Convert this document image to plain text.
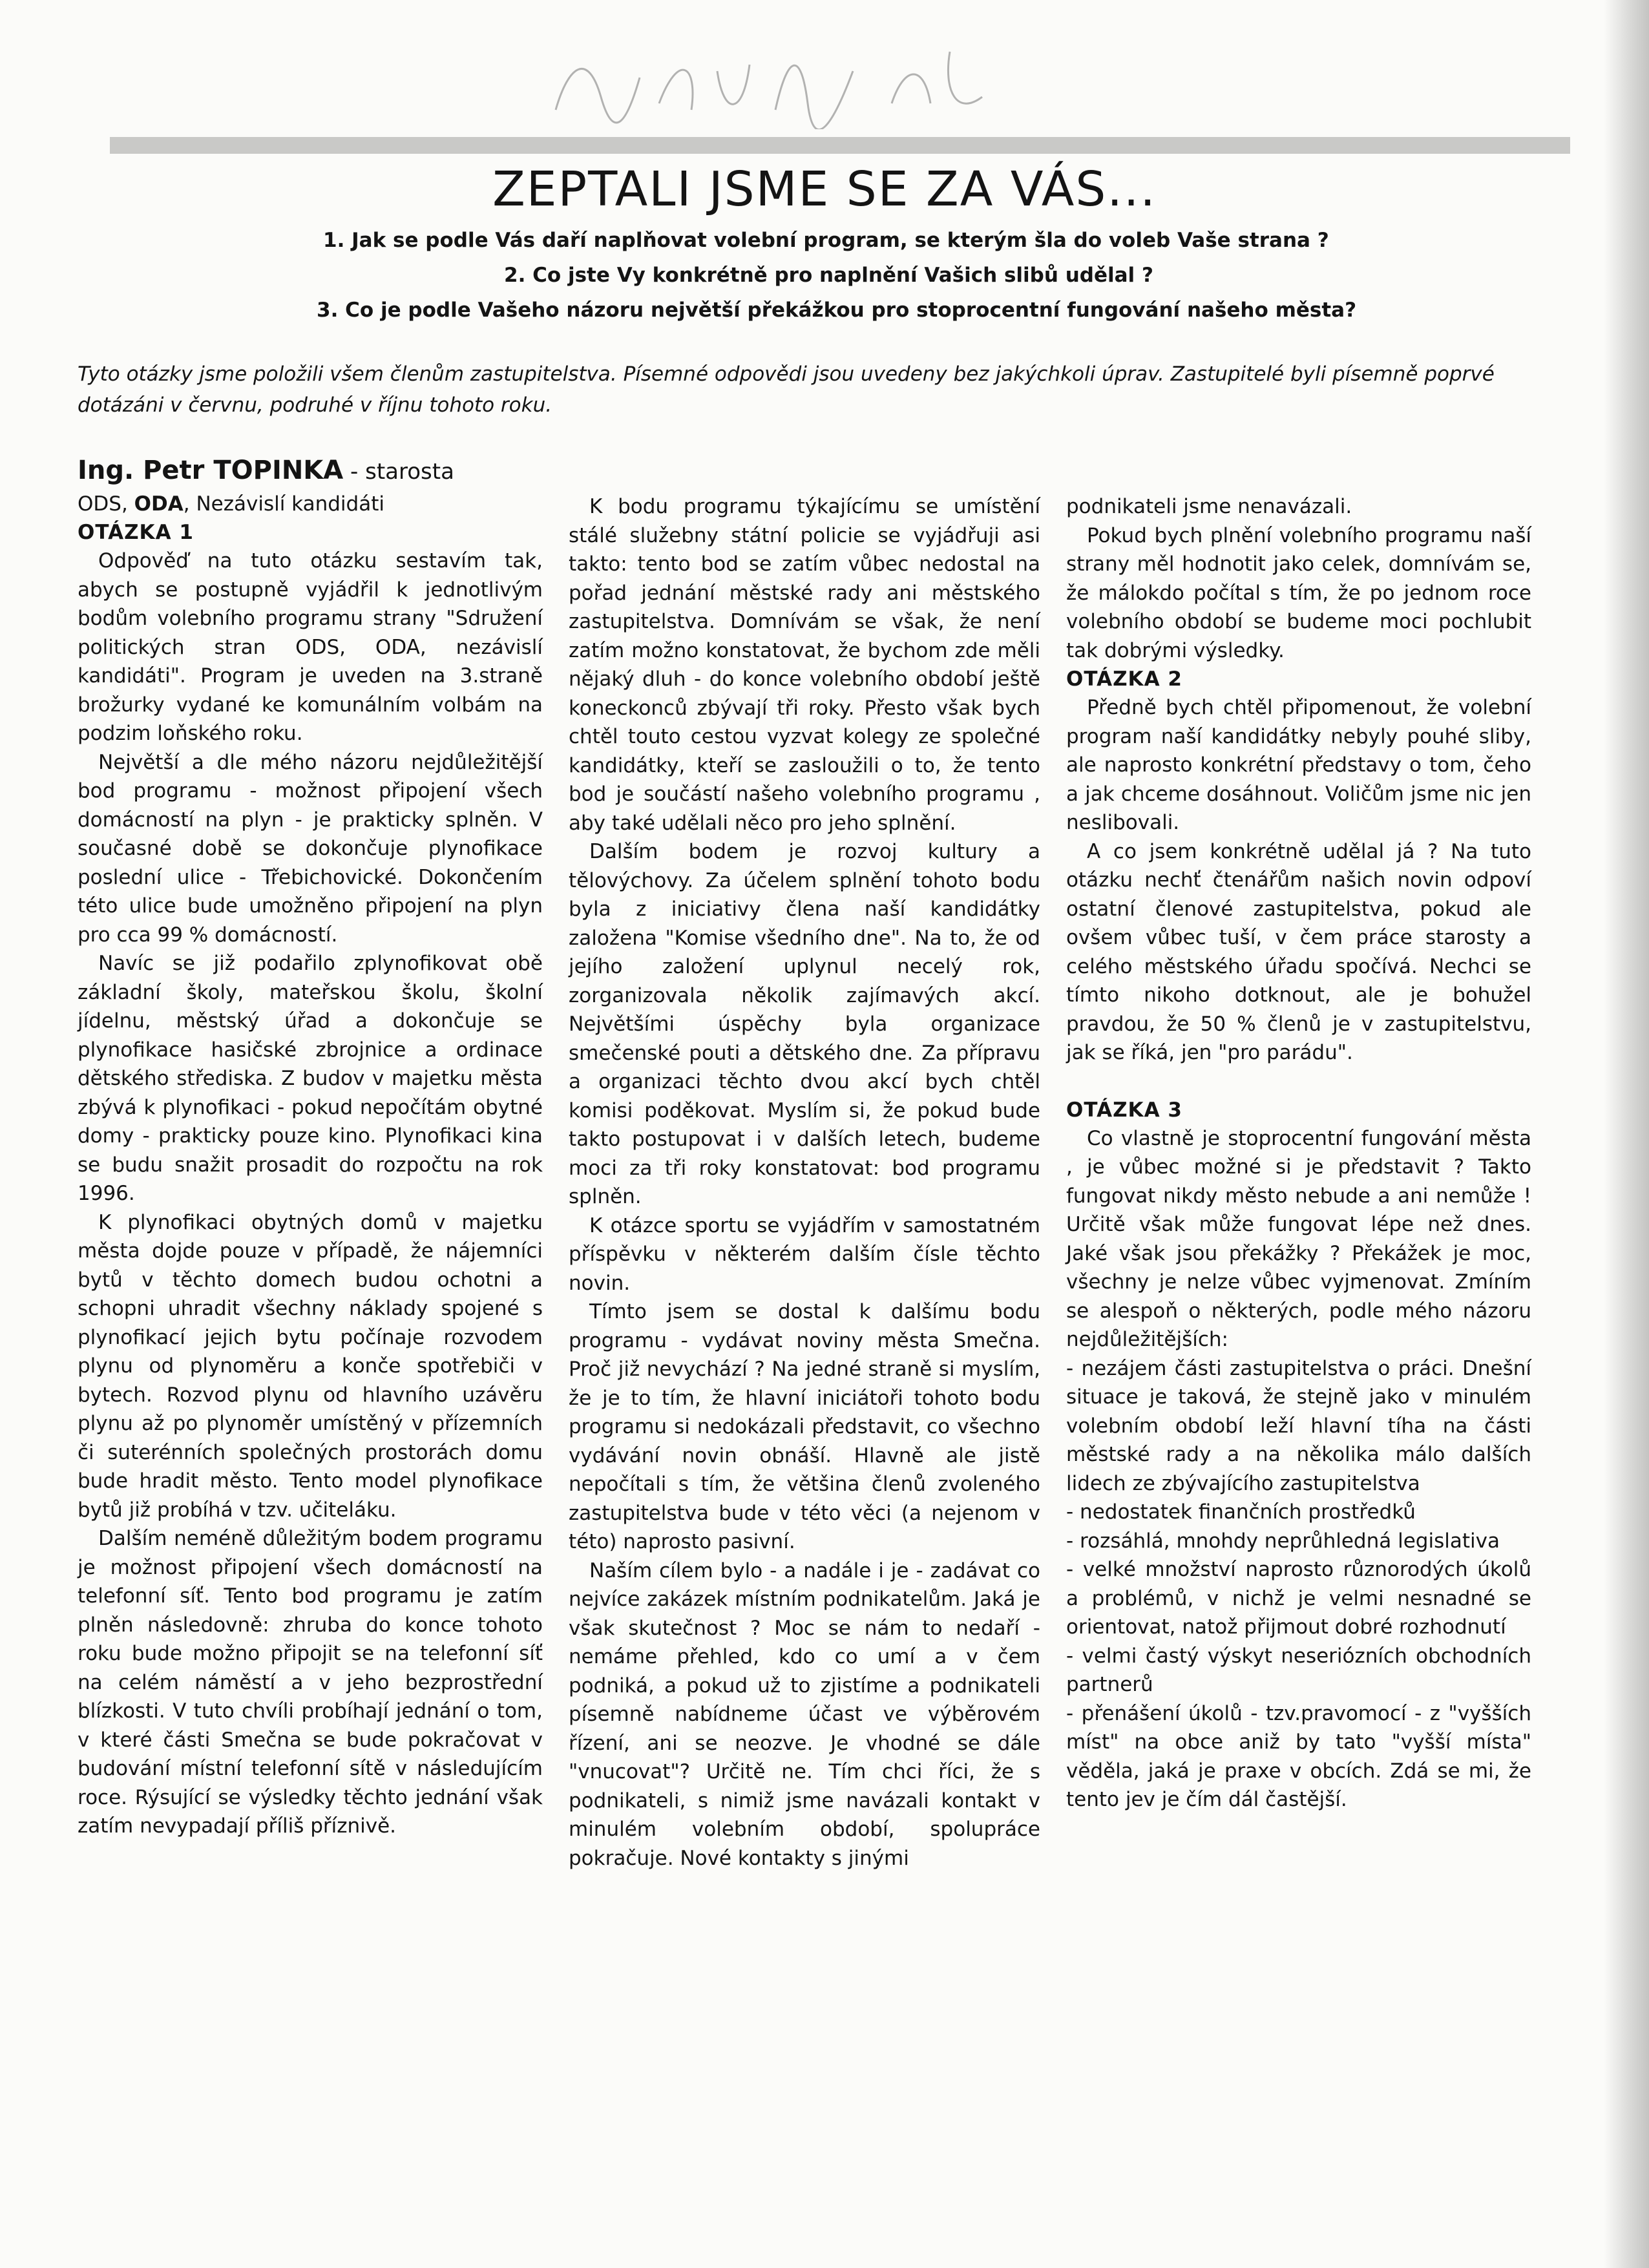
ZEPTALI JSME SE ZA VÁS...
1. Jak se podle Vás daří naplňovat volební program, se kterým šla do voleb Vaše strana ?
2. Co jste Vy konkrétně pro naplnění Vašich slibů udělal ?
3. Co je podle Vašeho názoru největší překážkou pro stoprocentní fungování našeho města?
Tyto otázky jsme položili všem členům zastupitelstva. Písemné odpovědi jsou uvedeny bez jakýchkoli úprav. Zastupitelé byli písemně poprvé dotázáni v červnu, podruhé v říjnu tohoto roku.
Ing. Petr TOPINKA - starosta
ODS, ODA, Nezávislí kandidáti
OTÁZKA 1

Odpověď na tuto otázku sestavím tak, abych se postupně vyjádřil k jednotlivým bodům volebního programu strany "Sdružení politických stran ODS, ODA, nezávislí kandidáti". Program je uveden na 3.straně brožurky vydané ke komunálním volbám na podzim loňského roku.

Největší a dle mého názoru nejdůležitější bod programu - možnost připojení všech domácností na plyn - je prakticky splněn. V současné době se dokončuje plynofikace poslední ulice - Třebichovické. Dokončením této ulice bude umožněno připojení na plyn pro cca 99 % domácností.

Navíc se již podařilo zplynofikovat obě základní školy, mateřskou školu, školní jídelnu, městský úřad a dokončuje se plynofikace hasičské zbrojnice a ordinace dětského střediska. Z budov v majetku města zbývá k plynofikaci - pokud nepočítám obytné domy - prakticky pouze kino. Plynofikaci kina se budu snažit prosadit do rozpočtu na rok 1996.

K plynofikaci obytných domů v majetku města dojde pouze v případě, že nájemníci bytů v těchto domech budou ochotni a schopni uhradit všechny náklady spojené s plynofikací jejich bytu počínaje rozvodem plynu od plynoměru a konče spotřebiči v bytech. Rozvod plynu od hlavního uzávěru plynu až po plynoměr umístěný v přízemních či suterénních společných prostorách domu bude hradit město. Tento model plynofikace bytů již probíhá v tzv. učiteláku.

Dalším neméně důležitým bodem programu je možnost připojení všech domácností na telefonní síť. Tento bod programu je zatím plněn následovně: zhruba do konce tohoto roku bude možno připojit se na telefonní síť na celém náměstí a v jeho bezprostřední blízkosti. V tuto chvíli probíhají jednání o tom, v které části Smečna se bude pokračovat v budování místní telefonní sítě v následujícím roce. Rýsující se výsledky těchto jednání však zatím nevypadají příliš příznivě.

K bodu programu týkajícímu se umístění stálé služebny státní policie se vyjádřuji asi takto: tento bod se zatím vůbec nedostal na pořad jednání městské rady ani městského zastupitelstva. Domnívám se však, že není zatím možno konstatovat, že bychom zde měli nějaký dluh - do konce volebního období ještě koneckonců zbývají tři roky. Přesto však bych chtěl touto cestou vyzvat kolegy ze společné kandidátky, kteří se zasloužili o to, že tento bod je součástí našeho volebního programu , aby také udělali něco pro jeho splnění.

Dalším bodem je rozvoj kultury a tělovýchovy. Za účelem splnění tohoto bodu byla z iniciativy člena naší kandidátky založena "Komise všedního dne". Na to, že od jejího založení uplynul necelý rok, zorganizovala několik zajímavých akcí. Největšími úspěchy byla organizace smečenské pouti a dětského dne. Za přípravu a organizaci těchto dvou akcí bych chtěl komisi poděkovat. Myslím si, že pokud bude takto postupovat i v dalších letech, budeme moci za tři roky konstatovat: bod programu splněn.

K otázce sportu se vyjádřím v samostatném příspěvku v některém dalším čísle těchto novin.

Tímto jsem se dostal k dalšímu bodu programu - vydávat noviny města Smečna. Proč již nevychází ? Na jedné straně si myslím, že je to tím, že hlavní iniciátoři tohoto bodu programu si nedokázali představit, co všechno vydávání novin obnáší. Hlavně ale jistě nepočítali s tím, že většina členů zvoleného zastupitelstva bude v této věci (a nejenom v této) naprosto pasivní.

Naším cílem bylo - a nadále i je - zadávat co nejvíce zakázek místním podnikatelům. Jaká je však skutečnost ? Moc se nám to nedaří - nemáme přehled, kdo co umí a v čem podniká, a pokud už to zjistíme a podnikateli písemně nabídneme účast ve výběrovém řízení, ani se neozve. Je vhodné se dále "vnucovat"? Určitě ne. Tím chci říci, že s podnikateli, s nimiž jsme navázali kontakt v minulém volebním období, spolupráce pokračuje. Nové kontakty s jinými

podnikateli jsme nenavázali.

Pokud bych plnění volebního programu naší strany měl hodnotit jako celek, domnívám se, že málokdo počítal s tím, že po jednom roce volebního období se budeme moci pochlubit tak dobrými výsledky.

OTÁZKA 2

Předně bych chtěl připomenout, že volební program naší kandidátky nebyly pouhé sliby, ale naprosto konkrétní představy o tom, čeho a jak chceme dosáhnout. Voličům jsme nic jen neslibovali.

A co jsem konkrétně udělal já ? Na tuto otázku nechť čtenářům našich novin odpoví ostatní členové zastupitelstva, pokud ale ovšem vůbec tuší, v čem práce starosty a celého městského úřadu spočívá. Nechci se tímto nikoho dotknout, ale je bohužel pravdou, že 50 % členů je v zastupitelstvu, jak se říká, jen "pro parádu".

OTÁZKA 3

Co vlastně je stoprocentní fungování města , je vůbec možné si je představit ? Takto fungovat nikdy město nebude a ani nemůže ! Určitě však může fungovat lépe než dnes. Jaké však jsou překážky ? Překážek je moc, všechny je nelze vůbec vyjmenovat. Zmíním se alespoň o některých, podle mého názoru nejdůležitějších:

- nezájem části zastupitelstva o práci. Dnešní situace je taková, že stejně jako v minulém volebním období leží hlavní tíha na části městské rady a na několika málo dalších lidech ze zbývajícího zastupitelstva

- nedostatek finančních prostředků

- rozsáhlá, mnohdy neprůhledná legislativa

- velké množství naprosto různorodých úkolů a problémů, v nichž je velmi nesnadné se orientovat, natož přijmout dobré rozhodnutí

- velmi častý výskyt neseriózních obchodních partnerů

- přenášení úkolů - tzv.pravomocí - z "vyšších míst" na obce aniž by tato "vyšší místa" věděla, jaká je praxe v obcích. Zdá se mi, že tento jev je čím dál častější.
